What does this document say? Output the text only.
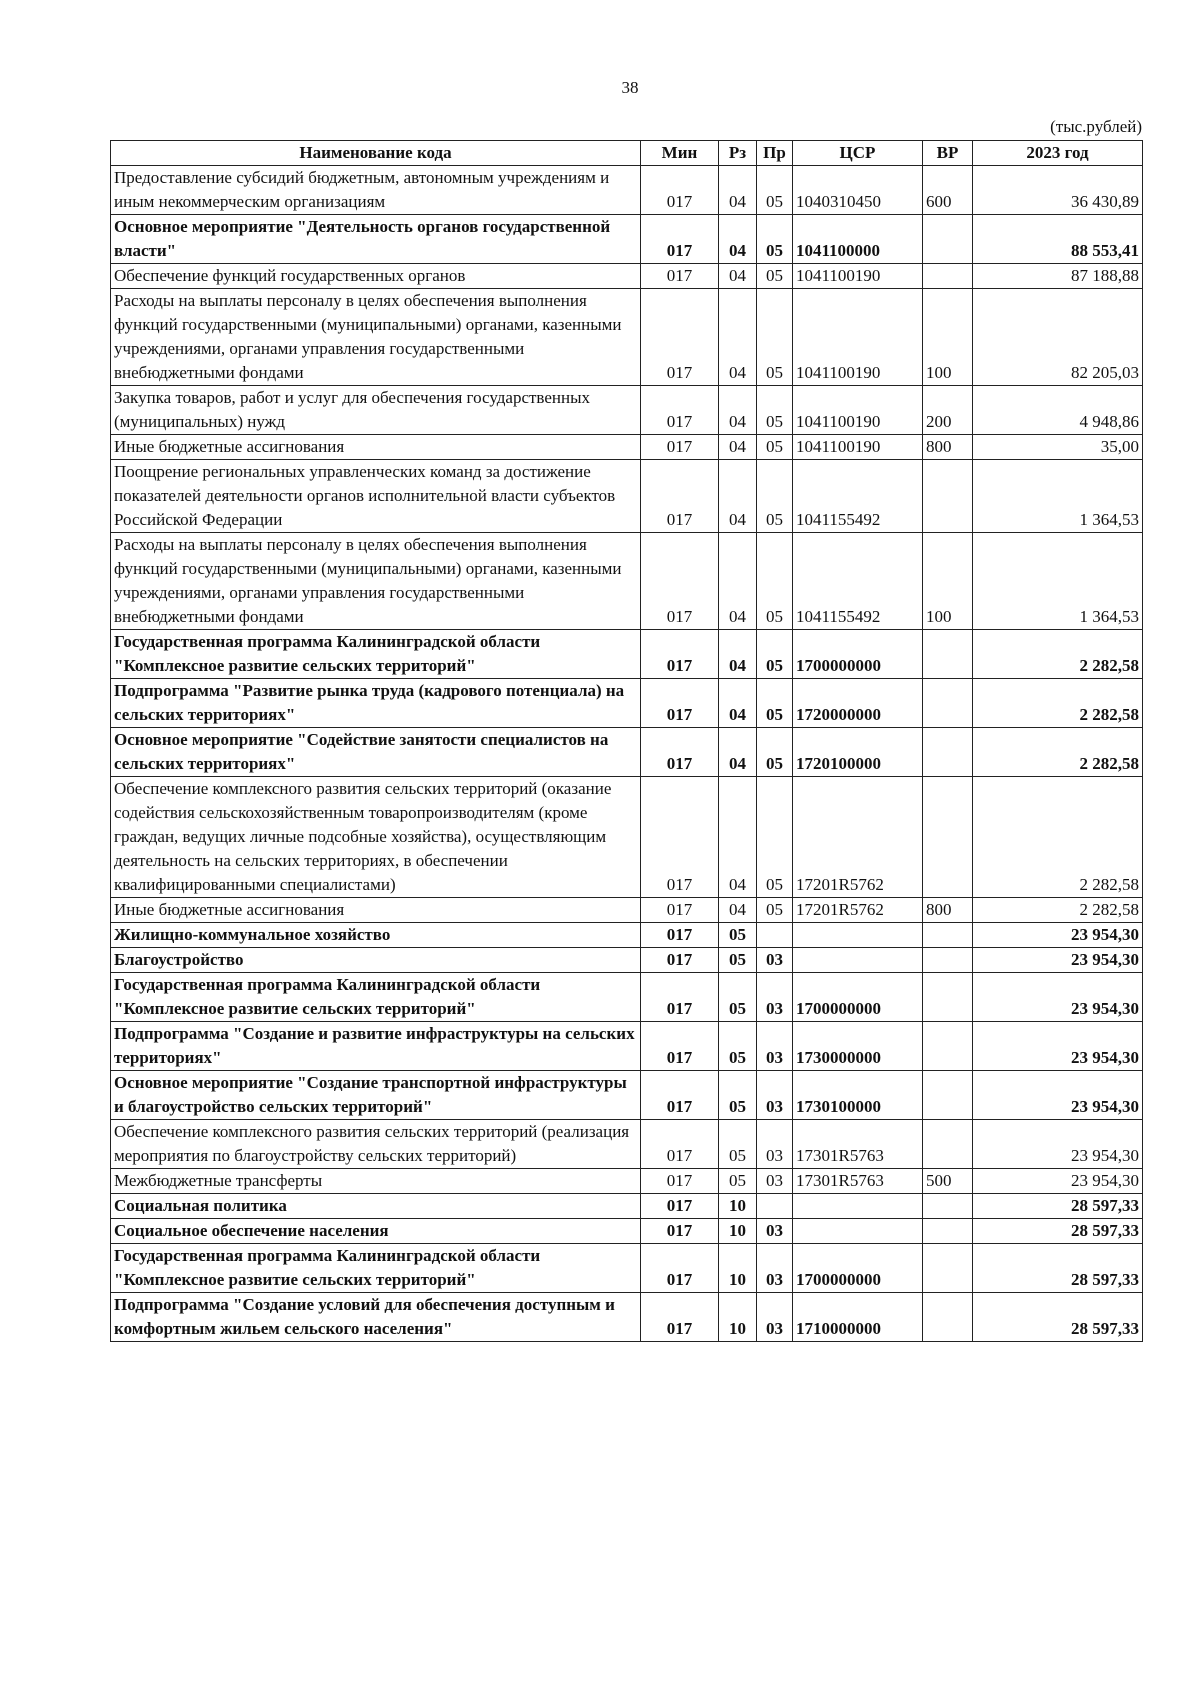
38
(тыс.рублей)
Наименование кода	Мин	Рз	Пр	ЦСР	ВР	2023 год
Предоставление субсидий бюджетным, автономным учреждениям и иным некоммерческим организациям	017	04	05	1040310450	600	36 430,89
Основное мероприятие "Деятельность органов государственной власти"	017	04	05	1041100000		88 553,41
Обеспечение функций государственных органов	017	04	05	1041100190		87 188,88
Расходы на выплаты персоналу в целях обеспечения выполнения функций государственными (муниципальными) органами, казенными учреждениями, органами управления государственными внебюджетными фондами	017	04	05	1041100190	100	82 205,03
Закупка товаров, работ и услуг для обеспечения государственных (муниципальных) нужд	017	04	05	1041100190	200	4 948,86
Иные бюджетные ассигнования	017	04	05	1041100190	800	35,00
Поощрение региональных управленческих команд за достижение показателей деятельности органов исполнительной власти субъектов Российской Федерации	017	04	05	1041155492		1 364,53
Расходы на выплаты персоналу в целях обеспечения выполнения функций государственными (муниципальными) органами, казенными учреждениями, органами управления государственными внебюджетными фондами	017	04	05	1041155492	100	1 364,53
Государственная программа Калининградской области "Комплексное развитие сельских территорий"	017	04	05	1700000000		2 282,58
Подпрограмма "Развитие рынка труда (кадрового потенциала) на сельских территориях"	017	04	05	1720000000		2 282,58
Основное мероприятие "Содействие занятости специалистов на сельских территориях"	017	04	05	1720100000		2 282,58
Обеспечение комплексного развития сельских территорий (оказание содействия сельскохозяйственным товаропроизводителям (кроме граждан, ведущих личные подсобные хозяйства), осуществляющим деятельность на сельских территориях, в обеспечении квалифицированными специалистами)	017	04	05	17201R5762		2 282,58
Иные бюджетные ассигнования	017	04	05	17201R5762	800	2 282,58
Жилищно-коммунальное хозяйство	017	05				23 954,30
Благоустройство	017	05	03			23 954,30
Государственная программа Калининградской области "Комплексное развитие сельских территорий"	017	05	03	1700000000		23 954,30
Подпрограмма "Создание и развитие инфраструктуры на сельских территориях"	017	05	03	1730000000		23 954,30
Основное мероприятие "Создание транспортной инфраструктуры и благоустройство сельских территорий"	017	05	03	1730100000		23 954,30
Обеспечение комплексного развития сельских территорий (реализация мероприятия по благоустройству сельских территорий)	017	05	03	17301R5763		23 954,30
Межбюджетные трансферты	017	05	03	17301R5763	500	23 954,30
Социальная политика	017	10				28 597,33
Социальное обеспечение населения	017	10	03			28 597,33
Государственная программа Калининградской области "Комплексное развитие сельских территорий"	017	10	03	1700000000		28 597,33
Подпрограмма "Создание условий для обеспечения доступным и комфортным жильем сельского населения"	017	10	03	1710000000		28 597,33
